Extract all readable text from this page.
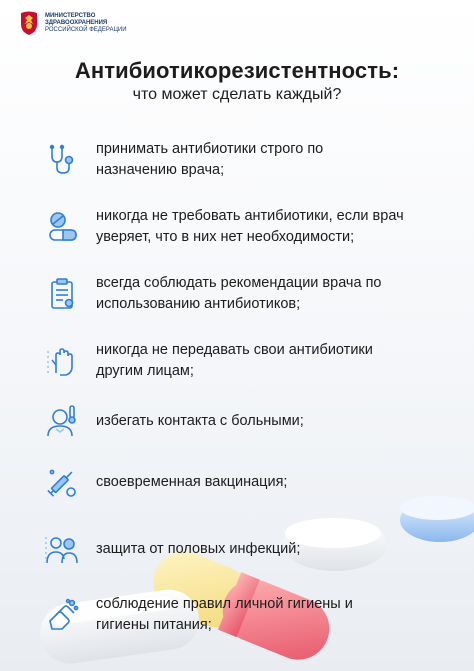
МИНИСТЕРСТВО
ЗДРАВООХРАНЕНИЯ
РОССИЙСКОЙ ФЕДЕРАЦИИ
Антибиотикорезистентность:
что может сделать каждый?
принимать антибиотики строго по
назначению врача;
никогда не требовать антибиотики, если врач
уверяет, что в них нет необходимости;
всегда соблюдать рекомендации врача по
использованию антибиотиков;
никогда не передавать свои антибиотики
другим лицам;
избегать контакта с больными;
своевременная вакцинация;
защита от половых инфекций;
соблюдение правил личной гигиены и
гигиены питания;
